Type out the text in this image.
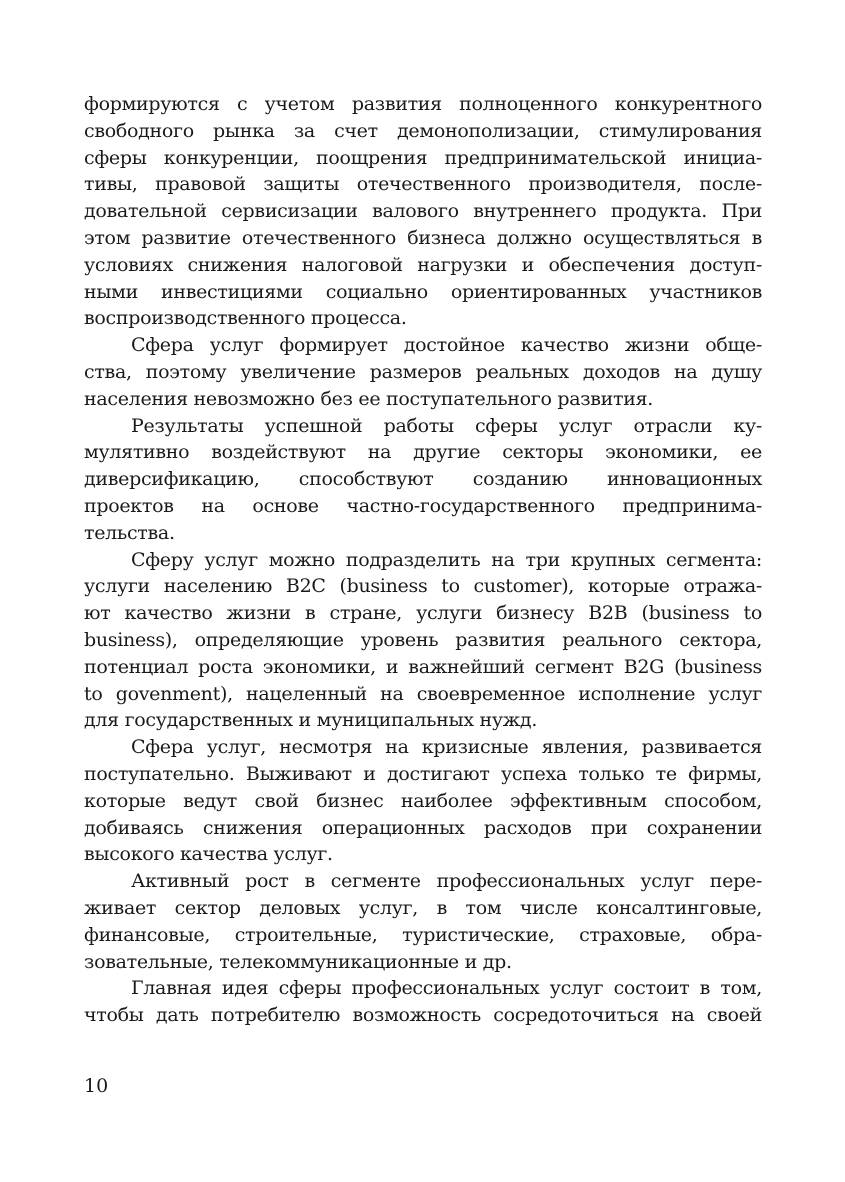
формируются с учетом развития полноценного конкурентного
свободного рынка за счет демонополизации, стимулирования
сферы конкуренции, поощрения предпринимательской инициа-
тивы, правовой защиты отечественного производителя, после-
довательной сервисизации валового внутреннего продукта. При
этом развитие отечественного бизнеса должно осуществляться в
условиях снижения налоговой нагрузки и обеспечения доступ-
ными инвестициями социально ориентированных участников
воспроизводственного процесса.
Сфера услуг формирует достойное качество жизни обще-
ства, поэтому увеличение размеров реальных доходов на душу
населения невозможно без ее поступательного развития.
Результаты успешной работы сферы услуг отрасли ку-
мулятивно воздействуют на другие секторы экономики, ее
диверсификацию, способствуют созданию инновационных
проектов на основе частно-государственного предпринима-
тельства.
Сферу услуг можно подразделить на три крупных сегмента:
услуги населению B2C (business to customer), которые отража-
ют качество жизни в стране, услуги бизнесу B2B (business to
business), определяющие уровень развития реального сектора,
потенциал роста экономики, и важнейший сегмент B2G (business
to govenment), нацеленный на своевременное исполнение услуг
для государственных и муниципальных нужд.
Сфера услуг, несмотря на кризисные явления, развивается
поступательно. Выживают и достигают успеха только те фирмы,
которые ведут свой бизнес наиболее эффективным способом,
добиваясь снижения операционных расходов при сохранении
высокого качества услуг.
Активный рост в сегменте профессиональных услуг пере-
живает сектор деловых услуг, в том числе консалтинговые,
финансовые, строительные, туристические, страховые, обра-
зовательные, телекоммуникационные и др.
Главная идея сферы профессиональных услуг состоит в том,
чтобы дать потребителю возможность сосредоточиться на своей
10
